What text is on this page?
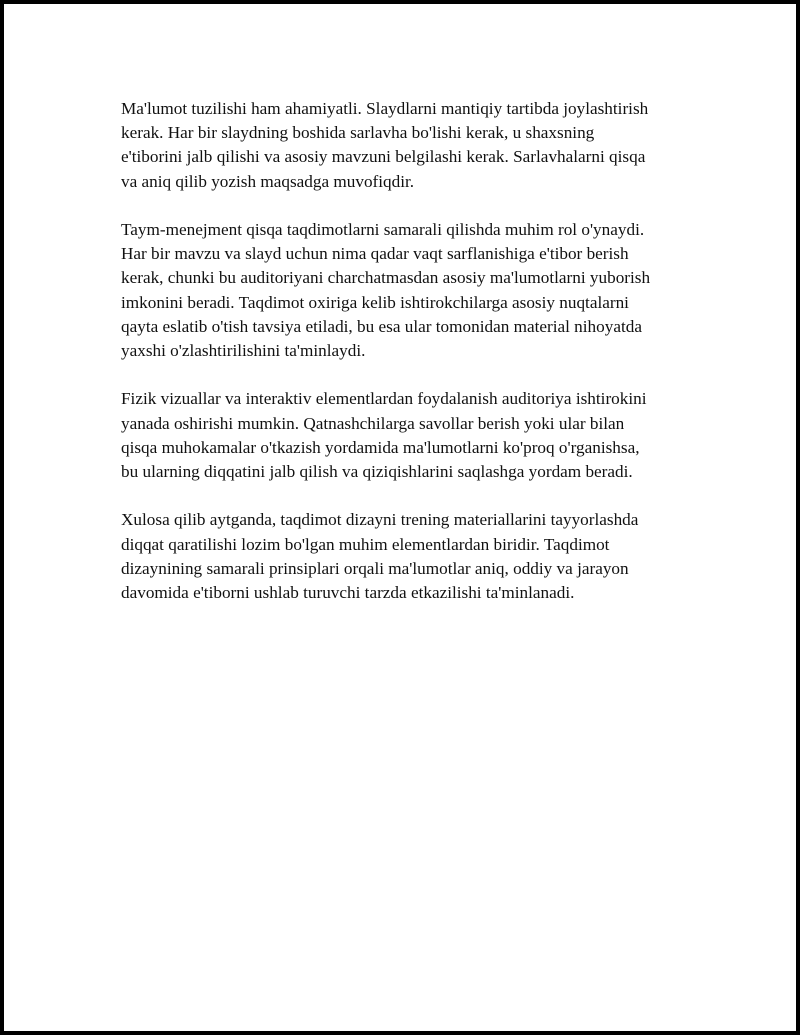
Ma'lumot tuzilishi ham ahamiyatli. Slaydlarni mantiqiy tartibda joylashtirish
kerak. Har bir slaydning boshida sarlavha bo'lishi kerak, u shaxsning
e'tiborini jalb qilishi va asosiy mavzuni belgilashi kerak. Sarlavhalarni qisqa
va aniq qilib yozish maqsadga muvofiqdir.

Taym-menejment qisqa taqdimotlarni samarali qilishda muhim rol o'ynaydi.
Har bir mavzu va slayd uchun nima qadar vaqt sarflanishiga e'tibor berish
kerak, chunki bu auditoriyani charchatmasdan asosiy ma'lumotlarni yuborish
imkonini beradi. Taqdimot oxiriga kelib ishtirokchilarga asosiy nuqtalarni
qayta eslatib o'tish tavsiya etiladi, bu esa ular tomonidan material nihoyatda
yaxshi o'zlashtirilishini ta'minlaydi.

Fizik vizuallar va interaktiv elementlardan foydalanish auditoriya ishtirokini
yanada oshirishi mumkin. Qatnashchilarga savollar berish yoki ular bilan
qisqa muhokamalar o'tkazish yordamida ma'lumotlarni ko'proq o'rganishsa,
bu ularning diqqatini jalb qilish va qiziqishlarini saqlashga yordam beradi.

Xulosa qilib aytganda, taqdimot dizayni trening materiallarini tayyorlashda
diqqat qaratilishi lozim bo'lgan muhim elementlardan biridir. Taqdimot
dizaynining samarali prinsiplari orqali ma'lumotlar aniq, oddiy va jarayon
davomida e'tiborni ushlab turuvchi tarzda etkazilishi ta'minlanadi.
